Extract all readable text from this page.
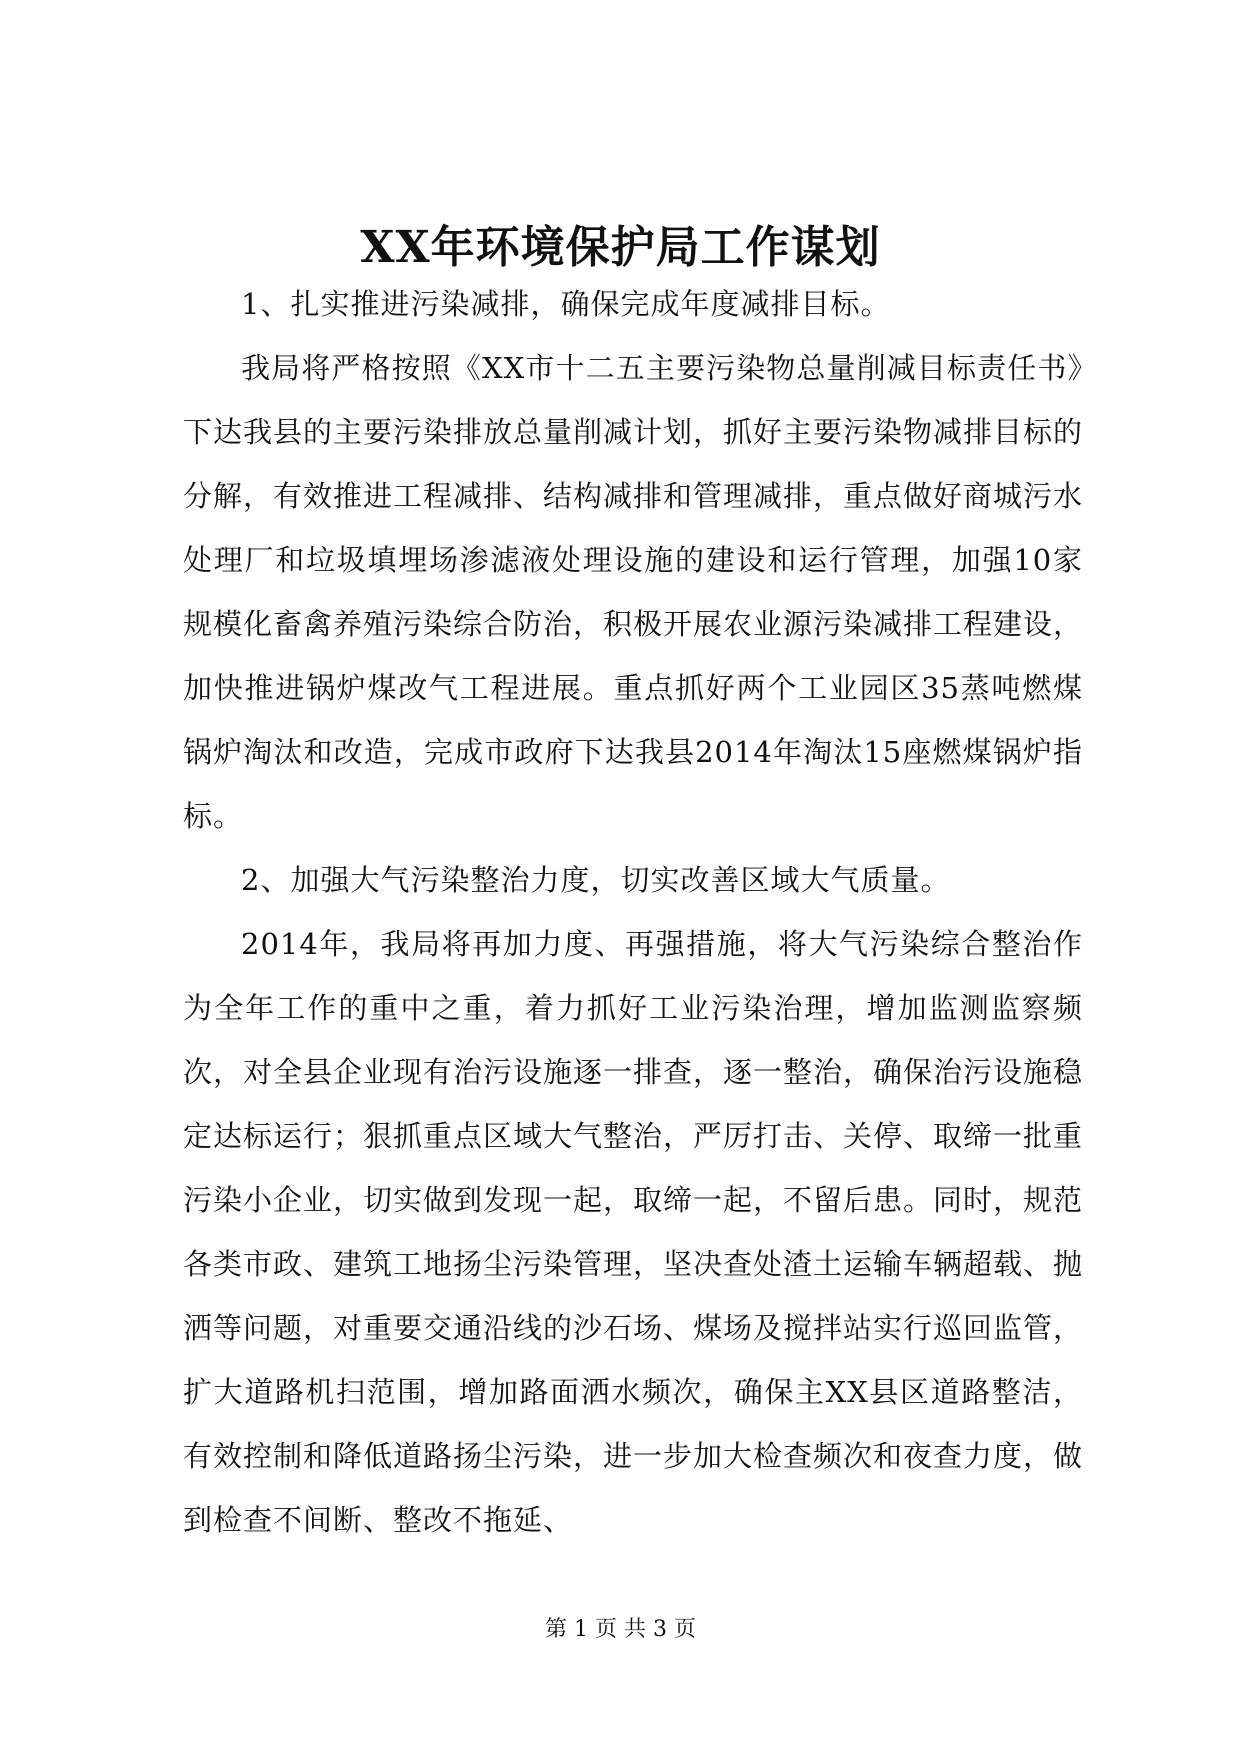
XX年环境保护局工作谋划

1、扎实推进污染减排，确保完成年度减排目标。

我局将严格按照《XX市十二五主要污染物总量削减目标责任书》下达我县的主要污染排放总量削减计划，抓好主要污染物减排目标的分解，有效推进工程减排、结构减排和管理减排，重点做好商城污水处理厂和垃圾填埋场渗滤液处理设施的建设和运行管理，加强10家规模化畜禽养殖污染综合防治，积极开展农业源污染减排工程建设，加快推进锅炉煤改气工程进展。重点抓好两个工业园区35蒸吨燃煤锅炉淘汰和改造，完成市政府下达我县2014年淘汰15座燃煤锅炉指标。

2、加强大气污染整治力度，切实改善区域大气质量。

2014年，我局将再加力度、再强措施，将大气污染综合整治作为全年工作的重中之重，着力抓好工业污染治理，增加监测监察频次，对全县企业现有治污设施逐一排查，逐一整治，确保治污设施稳定达标运行；狠抓重点区域大气整治，严厉打击、关停、取缔一批重污染小企业，切实做到发现一起，取缔一起，不留后患。同时，规范各类市政、建筑工地扬尘污染管理，坚决查处渣土运输车辆超载、抛洒等问题，对重要交通沿线的沙石场、煤场及搅拌站实行巡回监管，扩大道路机扫范围，增加路面洒水频次，确保主XX县区道路整洁，有效控制和降低道路扬尘污染，进一步加大检查频次和夜查力度，做到检查不间断、整改不拖延、

第 1 页 共 3 页
